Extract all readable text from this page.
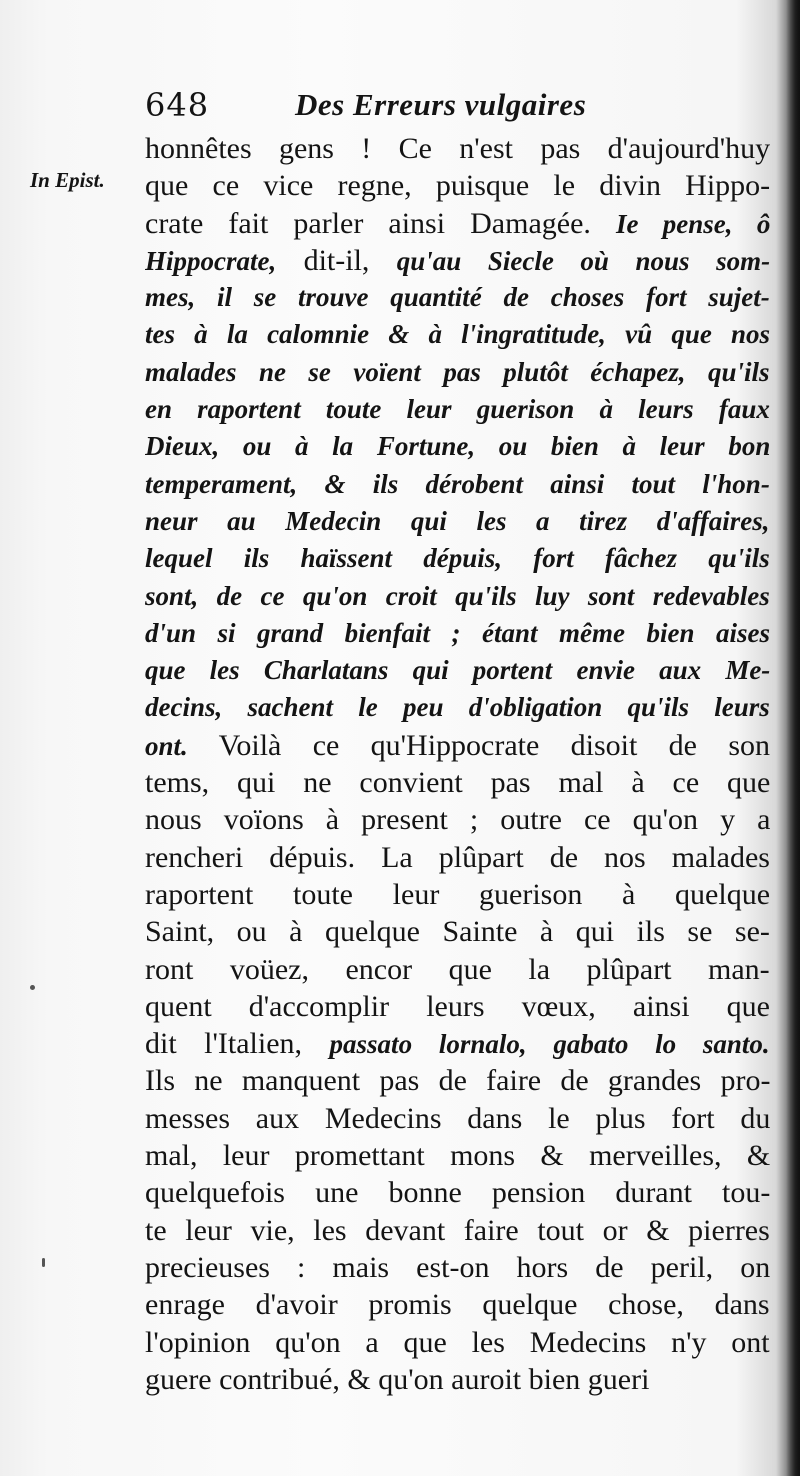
648	Des Erreurs vulgaires
In Epist.
honnêtes gens ! Ce n'est pas d'aujourd'huy
que ce vice regne, puisque le divin Hippo-
crate fait parler ainsi Damagée. Ie pense, ô
Hippocrate, dit-il, qu'au Siecle où nous som-
mes, il se trouve quantité de choses fort sujet-
tes à la calomnie & à l'ingratitude, vû que nos
malades ne se voïent pas plutôt échapez, qu'ils
en raportent toute leur guerison à leurs faux
Dieux, ou à la Fortune, ou bien à leur bon
temperament, & ils dérobent ainsi tout l'hon-
neur au Medecin qui les a tirez d'affaires,
lequel ils haïssent dépuis, fort fâchez qu'ils
sont, de ce qu'on croit qu'ils luy sont redevables
d'un si grand bienfait ; étant même bien aises
que les Charlatans qui portent envie aux Me-
decins, sachent le peu d'obligation qu'ils leurs
ont. Voilà ce qu'Hippocrate disoit de son
tems, qui ne convient pas mal à ce que
nous voïons à present ; outre ce qu'on y a
rencheri dépuis. La plûpart de nos malades
raportent toute leur guerison à quelque
Saint, ou à quelque Sainte à qui ils se se-
ront voüez, encor que la plûpart man-
quent d'accomplir leurs vœux, ainsi que
dit l'Italien, passato lornalo, gabato lo santo.
Ils ne manquent pas de faire de grandes pro-
messes aux Medecins dans le plus fort du
mal, leur promettant mons & merveilles, &
quelquefois une bonne pension durant tou-
te leur vie, les devant faire tout or & pierres
precieuses : mais est-on hors de peril, on
enrage d'avoir promis quelque chose, dans
l'opinion qu'on a que les Medecins n'y ont
guere contribué, & qu'on auroit bien gueri
